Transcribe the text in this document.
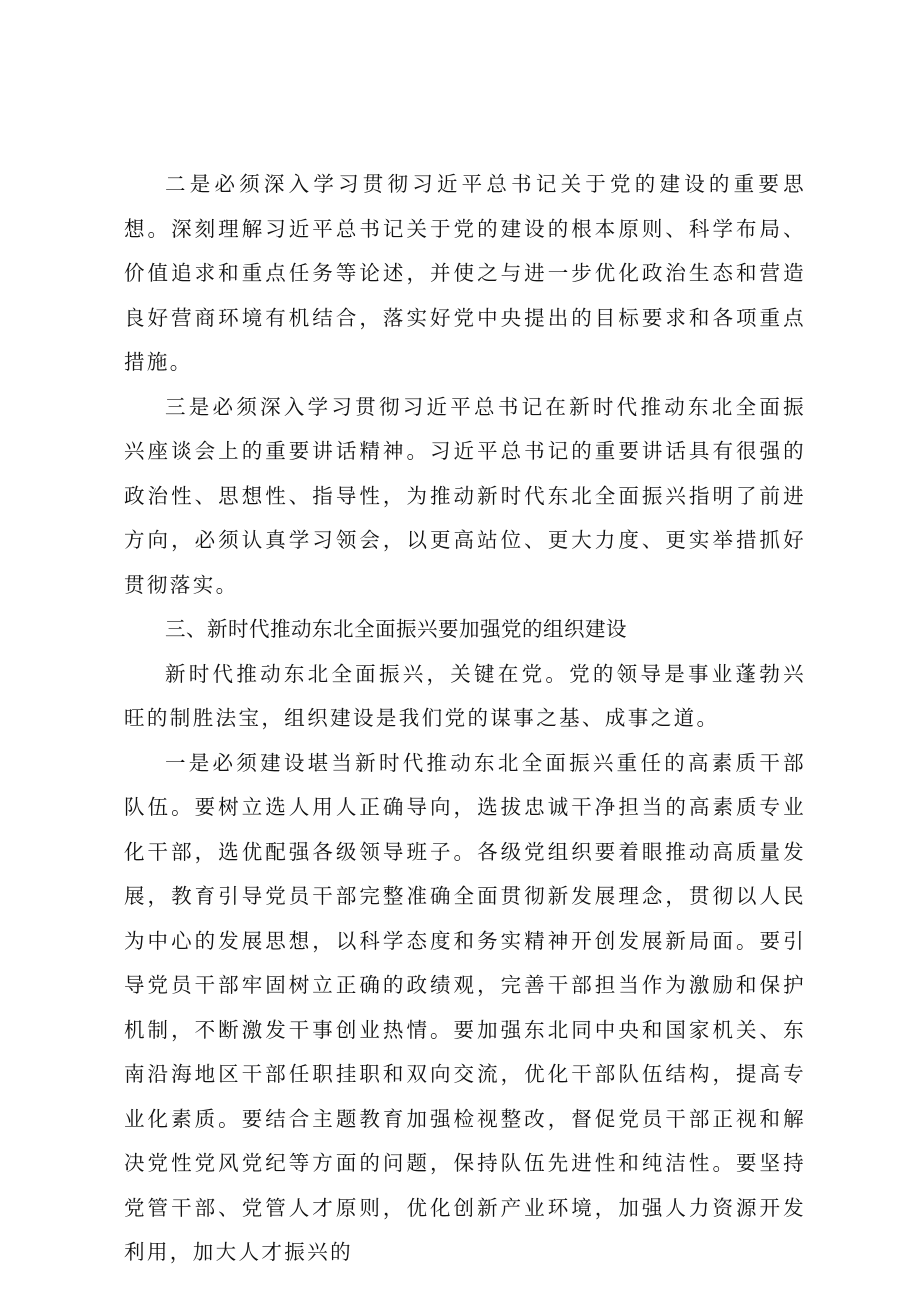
二是必须深入学习贯彻习近平总书记关于党的建设的重要思想。深刻理解习近平总书记关于党的建设的根本原则、科学布局、价值追求和重点任务等论述，并使之与进一步优化政治生态和营造良好营商环境有机结合，落实好党中央提出的目标要求和各项重点措施。

三是必须深入学习贯彻习近平总书记在新时代推动东北全面振兴座谈会上的重要讲话精神。习近平总书记的重要讲话具有很强的政治性、思想性、指导性，为推动新时代东北全面振兴指明了前进方向，必须认真学习领会，以更高站位、更大力度、更实举措抓好贯彻落实。

三、新时代推动东北全面振兴要加强党的组织建设

新时代推动东北全面振兴，关键在党。党的领导是事业蓬勃兴旺的制胜法宝，组织建设是我们党的谋事之基、成事之道。

一是必须建设堪当新时代推动东北全面振兴重任的高素质干部队伍。要树立选人用人正确导向，选拔忠诚干净担当的高素质专业化干部，选优配强各级领导班子。各级党组织要着眼推动高质量发展，教育引导党员干部完整准确全面贯彻新发展理念，贯彻以人民为中心的发展思想，以科学态度和务实精神开创发展新局面。要引导党员干部牢固树立正确的政绩观，完善干部担当作为激励和保护机制，不断激发干事创业热情。要加强东北同中央和国家机关、东南沿海地区干部任职挂职和双向交流，优化干部队伍结构，提高专业化素质。要结合主题教育加强检视整改，督促党员干部正视和解决党性党风党纪等方面的问题，保持队伍先进性和纯洁性。要坚持党管干部、党管人才原则，优化创新产业环境，加强人力资源开发利用，加大人才振兴的
